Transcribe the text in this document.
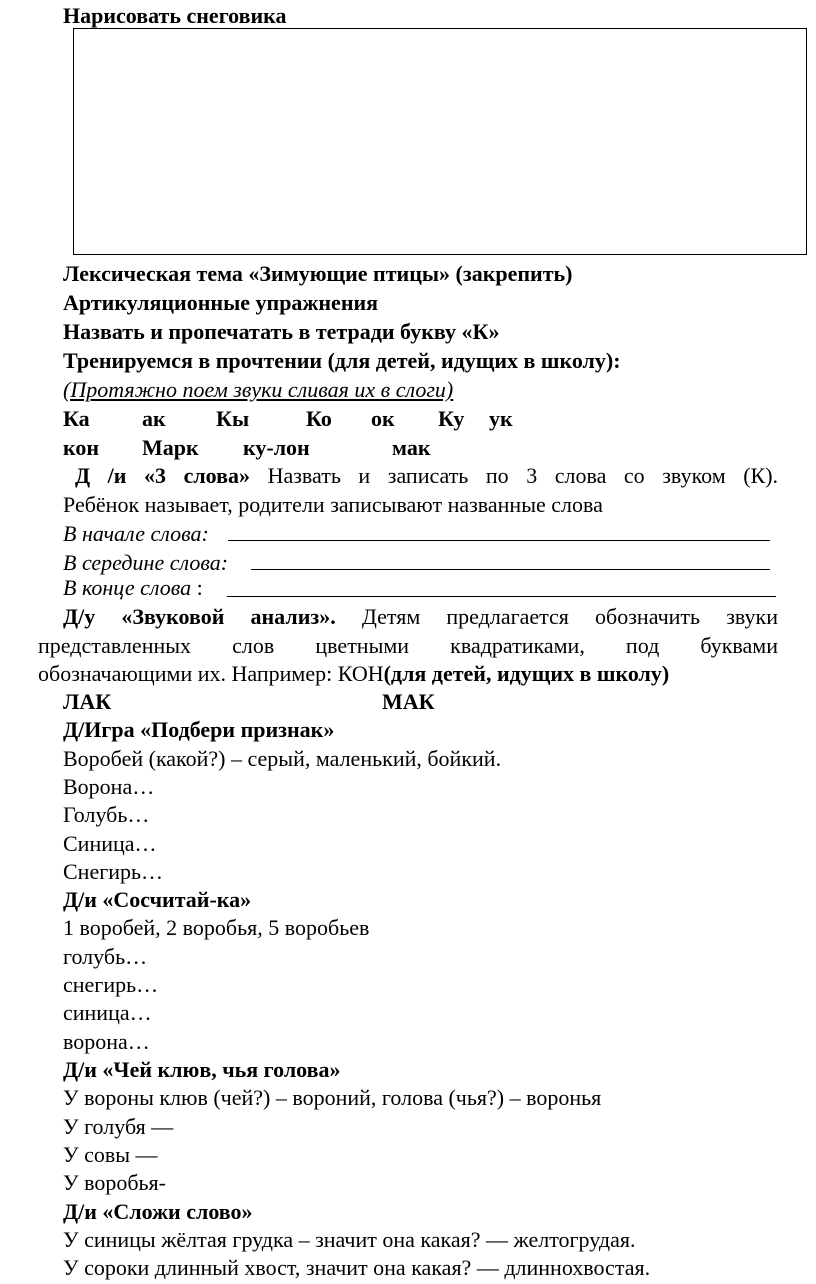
Нарисовать снеговика
Лексическая тема «Зимующие птицы» (закрепить)
Артикуляционные упражнения
Назвать и пропечатать в тетради букву «К»
Тренируемся в прочтении (для детей, идущих в школу):
(Протяжно поем звуки сливая их в слоги)
Ка ак Кы	Ко ок Ку ук
кон Марк ку-лон	мак
Д /и «3 слова» Назвать и записать по 3 слова со звуком (К).
Ребёнок называет, родители записывают названные слова
В начале слова:
В середине слова:
В конце слова :
Д/у «Звуковой анализ». Детям предлагается обозначить звуки
представленных слов цветными квадратиками, под буквами
обозначающими их. Например: КОН(для детей, идущих в школу)
ЛАК	МАК
Д/Игра «Подбери признак»
Воробей (какой?) – серый, маленький, бойкий.
Ворона…
Голубь…
Синица…
Снегирь…
Д/и «Сосчитай-ка»
1 воробей, 2 воробья, 5 воробьев
голубь…
снегирь…
синица…
ворона…
Д/и «Чей клюв, чья голова»
У вороны клюв (чей?) – вороний, голова (чья?) – воронья
У голубя —
У совы —
У воробья-
Д/и «Сложи слово»
У синицы жёлтая грудка – значит она какая? — желтогрудая.
У сороки длинный хвост, значит она какая? — длиннохвостая.
